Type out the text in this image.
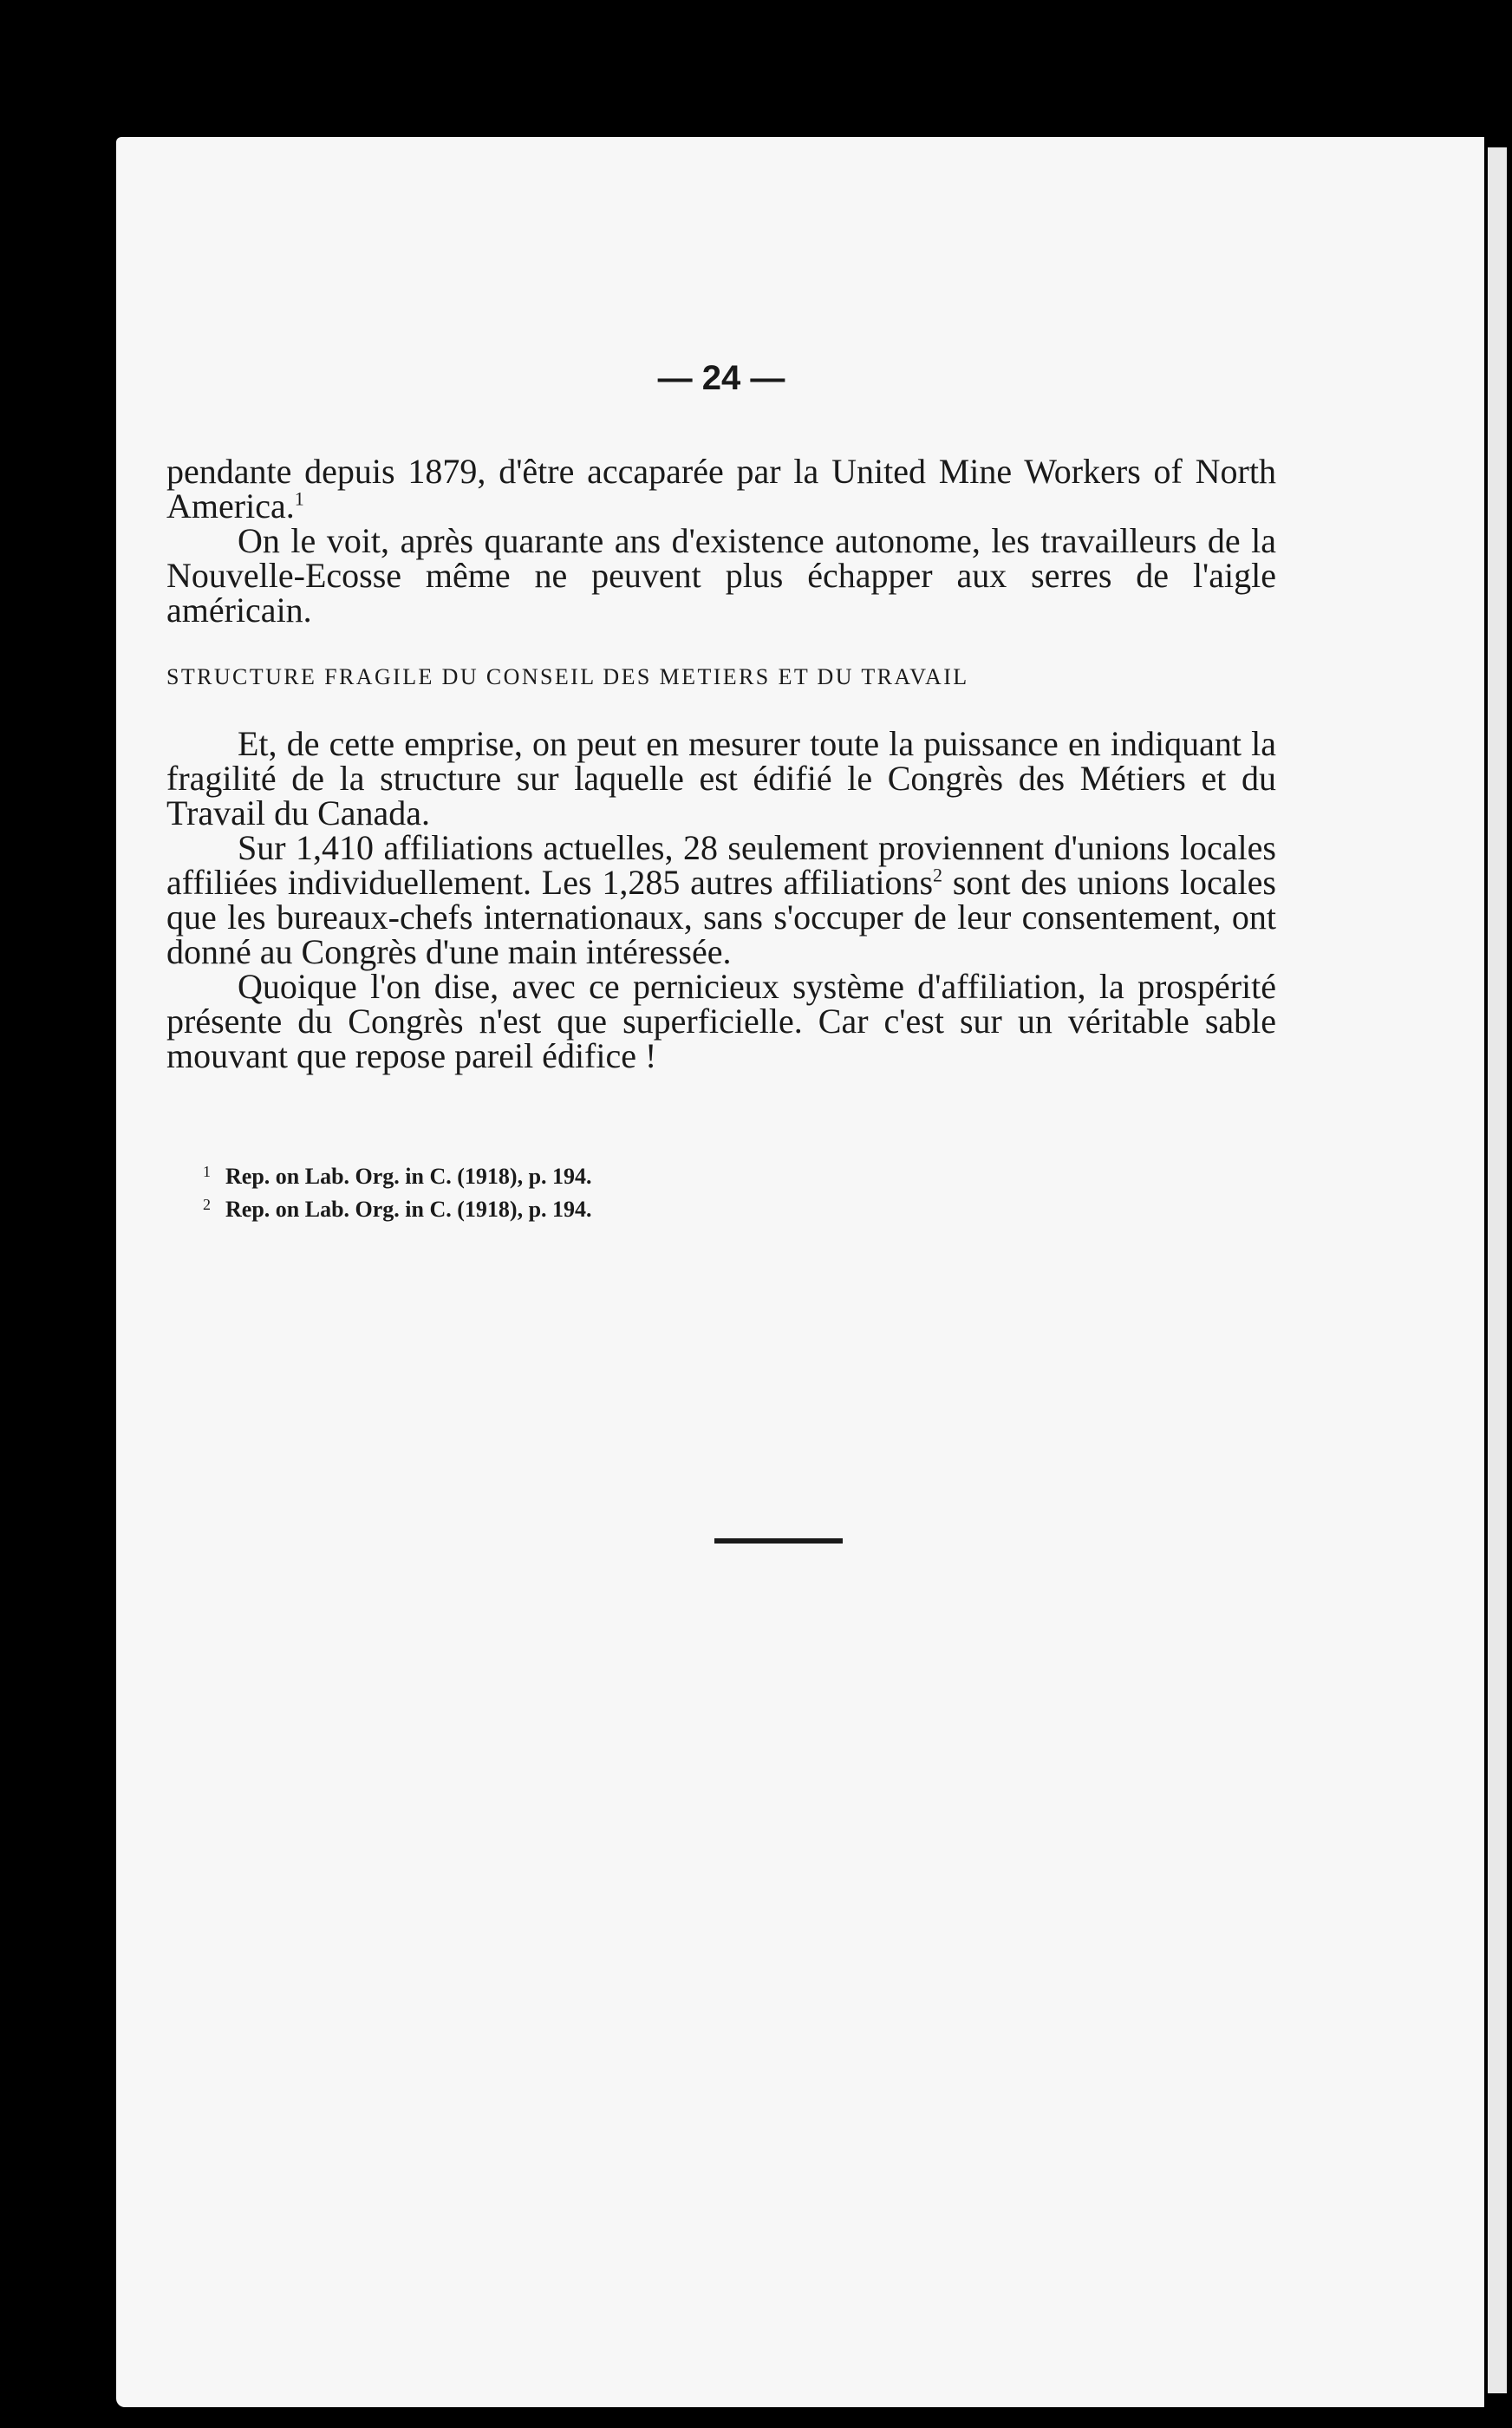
— 24 —

pendante depuis 1879, d'être accaparée par la United Mine Workers of North America.$^1$

On le voit, après quarante ans d'existence autonome, les travailleurs de la Nouvelle-Ecosse même ne peuvent plus échapper aux serres de l'aigle américain.

STRUCTURE FRAGILE DU CONSEIL DES METIERS ET DU TRAVAIL

Et, de cette emprise, on peut en mesurer toute la puissance en indiquant la fragilité de la structure sur laquelle est édifié le Congrès des Métiers et du Travail du Canada.

Sur 1,410 affiliations actuelles, 28 seulement proviennent d'unions locales affiliées individuellement. Les 1,285 autres affiliations$^2$ sont des unions locales que les bureaux-chefs internationaux, sans s'occuper de leur consentement, ont donné au Congrès d'une main intéressée.

Quoique l'on dise, avec ce pernicieux système d'affiliation, la prospérité présente du Congrès n'est que superficielle. Car c'est sur un véritable sable mouvant que repose pareil édifice !

1 Rep. on Lab. Org. in C. (1918), p. 194.
2 Rep. on Lab. Org. in C. (1918), p. 194.
